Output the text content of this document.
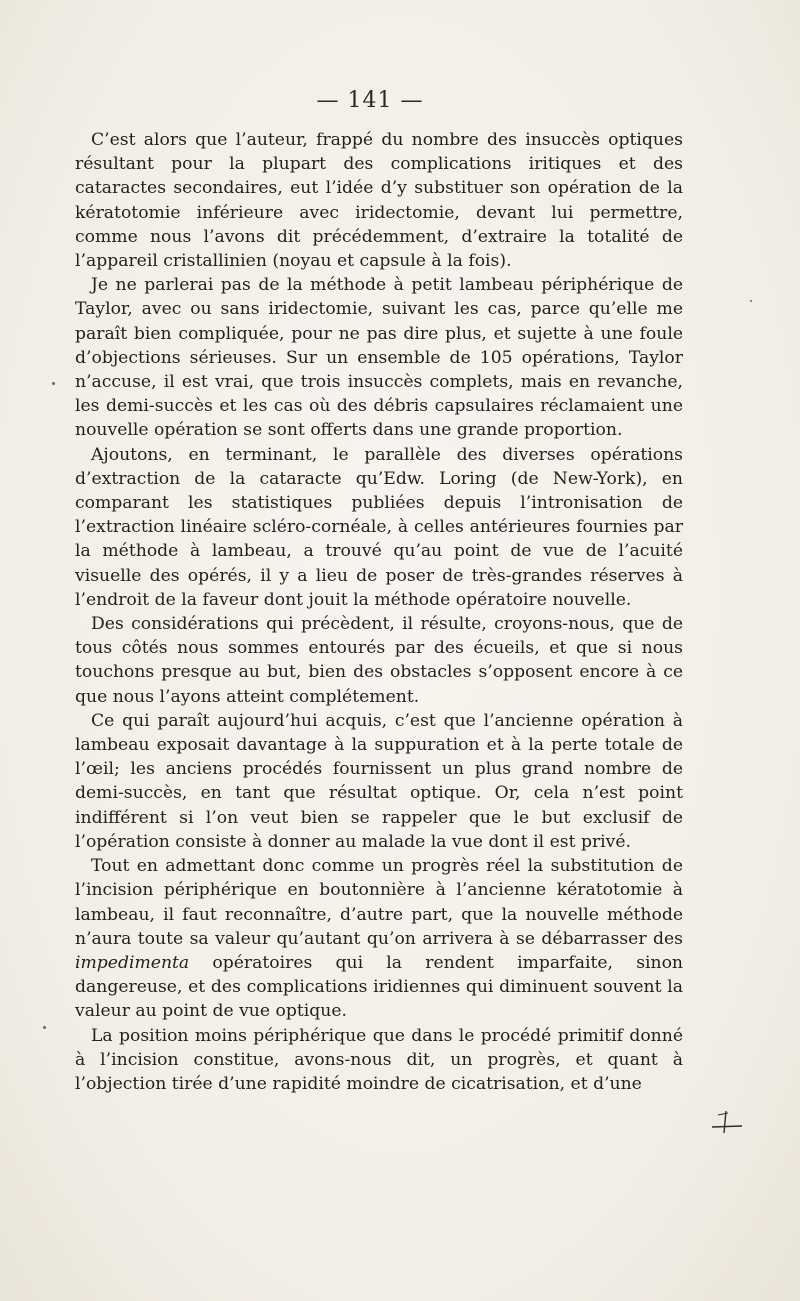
— 141 —

C’est alors que l’auteur, frappé du nombre des insuccès optiques résultant pour la plupart des complications iritiques et des cataractes secondaires, eut l’idée d’y substituer son opération de la kératotomie inférieure avec iridectomie, devant lui permettre, comme nous l’avons dit précédemment, d’extraire la totalité de l’appareil cristallinien (noyau et capsule à la fois).

Je ne parlerai pas de la méthode à petit lambeau périphérique de Taylor, avec ou sans iridectomie, suivant les cas, parce qu’elle me paraît bien compliquée, pour ne pas dire plus, et sujette à une foule d’objections sérieuses. Sur un ensemble de 105 opérations, Taylor n’accuse, il est vrai, que trois insuccès complets, mais en revanche, les demi-succès et les cas où des débris capsulaires réclamaient une nouvelle opération se sont offerts dans une grande proportion.

Ajoutons, en terminant, le parallèle des diverses opérations d’extraction de la cataracte qu’Edw. Loring (de New-York), en comparant les statistiques publiées depuis l’intronisation de l’extraction linéaire scléro-cornéale, à celles antérieures fournies par la méthode à lambeau, a trouvé qu’au point de vue de l’acuité visuelle des opérés, il y a lieu de poser de très-grandes réserves à l’endroit de la faveur dont jouit la méthode opératoire nouvelle.

Des considérations qui précèdent, il résulte, croyons-nous, que de tous côtés nous sommes entourés par des écueils, et que si nous touchons presque au but, bien des obstacles s’opposent encore à ce que nous l’ayons atteint complétement.

Ce qui paraît aujourd’hui acquis, c’est que l’ancienne opération à lambeau exposait davantage à la suppuration et à la perte totale de l’œil; les anciens procédés fournissent un plus grand nombre de demi-succès, en tant que résultat optique. Or, cela n’est point indifférent si l’on veut bien se rappeler que le but exclusif de l’opération consiste à donner au malade la vue dont il est privé.

Tout en admettant donc comme un progrès réel la substitution de l’incision périphérique en boutonnière à l’ancienne kératotomie à lambeau, il faut reconnaître, d’autre part, que la nouvelle méthode n’aura toute sa valeur qu’autant qu’on arrivera à se débarrasser des impedimenta opératoires qui la rendent imparfaite, sinon dangereuse, et des complications iridiennes qui diminuent souvent la valeur au point de vue optique.

La position moins périphérique que dans le procédé primitif donné à l’incision constitue, avons-nous dit, un progrès, et quant à l’objection tirée d’une rapidité moindre de cicatrisation, et d’une
